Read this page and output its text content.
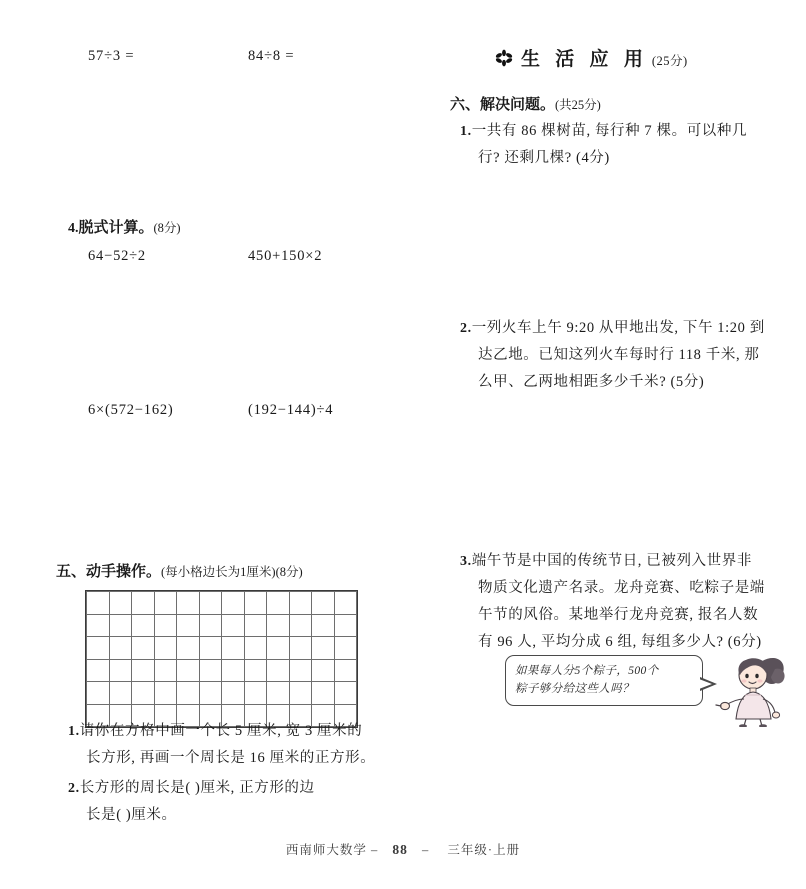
57÷3 =	84÷8 =
4.脱式计算。(8分)
64−52÷2	450+150×2
6×(572−162)	(192−144)÷4
五、动手操作。(每小格边长为1厘米)(8分)

1.请你在方格中画一个长 5 厘米, 宽 3 厘米的
长方形, 再画一个周长是 16 厘米的正方形。
2.长方形的周长是( )厘米, 正方形的边
长是( )厘米。
生 活 应 用 (25分)
六、解决问题。(共25分)
1.一共有 86 棵树苗, 每行种 7 棵。可以种几
行? 还剩几棵? (4分)
2.一列火车上午 9:20 从甲地出发, 下午 1:20 到
达乙地。已知这列火车每时行 118 千米, 那
么甲、乙两地相距多少千米? (5分)
3.端午节是中国的传统节日, 已被列入世界非
物质文化遗产名录。龙舟竞赛、吃粽子是端
午节的风俗。某地举行龙舟竞赛, 报名人数
有 96 人, 平均分成 6 组, 每组多少人? (6分)
如果每人分5个粽子，500个
粽子够分给这些人吗？
西南师大数学 – 88 – 三年级·上册
